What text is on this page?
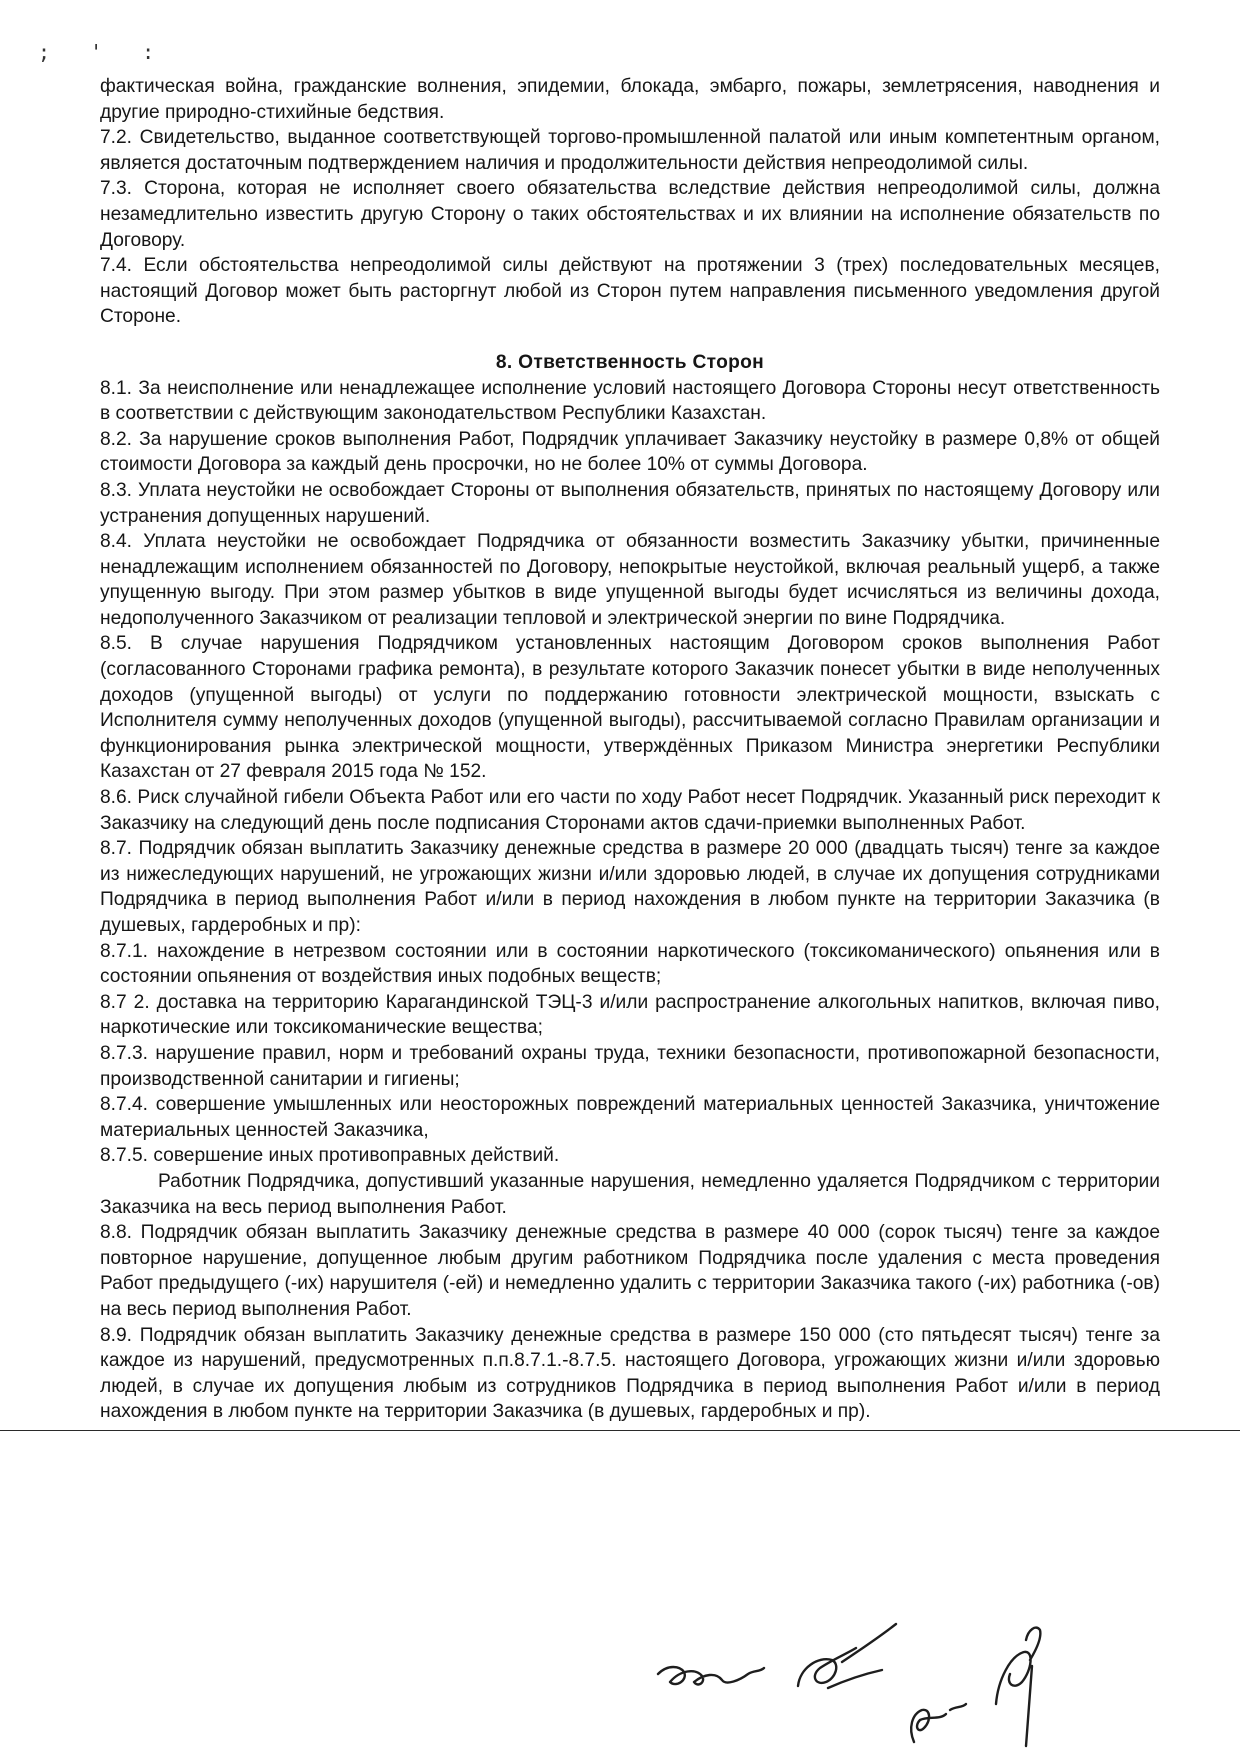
; ' :

фактическая война, гражданские волнения, эпидемии, блокада, эмбарго, пожары, землетрясения, наводнения и другие природно-стихийные бедствия.

7.2. Свидетельство, выданное соответствующей торгово-промышленной палатой или иным компетентным органом, является достаточным подтверждением наличия и продолжительности действия непреодолимой силы.

7.3. Сторона, которая не исполняет своего обязательства вследствие действия непреодолимой силы, должна незамедлительно известить другую Сторону о таких обстоятельствах и их влиянии на исполнение обязательств по Договору.

7.4. Если обстоятельства непреодолимой силы действуют на протяжении 3 (трех) последовательных месяцев, настоящий Договор может быть расторгнут любой из Сторон путем направления письменного уведомления другой Стороне.

8. Ответственность Сторон

8.1. За неисполнение или ненадлежащее исполнение условий настоящего Договора Стороны несут ответственность в соответствии с действующим законодательством Республики Казахстан.

8.2. За нарушение сроков выполнения Работ, Подрядчик уплачивает Заказчику неустойку в размере 0,8% от общей стоимости Договора за каждый день просрочки, но не более 10% от суммы Договора.

8.3. Уплата неустойки не освобождает Стороны от выполнения обязательств, принятых по настоящему Договору или устранения допущенных нарушений.

8.4. Уплата неустойки не освобождает Подрядчика от обязанности возместить Заказчику убытки, причиненные ненадлежащим исполнением обязанностей по Договору, непокрытые неустойкой, включая реальный ущерб, а также упущенную выгоду. При этом размер убытков в виде упущенной выгоды будет исчисляться из величины дохода, недополученного Заказчиком от реализации тепловой и электрической энергии по вине Подрядчика.

8.5. В случае нарушения Подрядчиком установленных настоящим Договором сроков выполнения Работ (согласованного Сторонами графика ремонта), в результате которого Заказчик понесет убытки в виде неполученных доходов (упущенной выгоды) от услуги по поддержанию готовности электрической мощности, взыскать с Исполнителя сумму неполученных доходов (упущенной выгоды), рассчитываемой согласно Правилам организации и функционирования рынка электрической мощности, утверждённых Приказом Министра энергетики Республики Казахстан от 27 февраля 2015 года № 152.

8.6. Риск случайной гибели Объекта Работ или его части по ходу Работ несет Подрядчик. Указанный риск переходит к Заказчику на следующий день после подписания Сторонами актов сдачи-приемки выполненных Работ.

8.7. Подрядчик обязан выплатить Заказчику денежные средства в размере 20 000 (двадцать тысяч) тенге за каждое из нижеследующих нарушений, не угрожающих жизни и/или здоровью людей, в случае их допущения сотрудниками Подрядчика в период выполнения Работ и/или в период нахождения в любом пункте на территории Заказчика (в душевых, гардеробных и пр):

8.7.1. нахождение в нетрезвом состоянии или в состоянии наркотического (токсикоманического) опьянения или в состоянии опьянения от воздействия иных подобных веществ;

8.7 2. доставка на территорию Карагандинской ТЭЦ-3 и/или распространение алкогольных напитков, включая пиво, наркотические или токсикоманические вещества;

8.7.3. нарушение правил, норм и требований охраны труда, техники безопасности, противопожарной безопасности, производственной санитарии и гигиены;

8.7.4. совершение умышленных или неосторожных повреждений материальных ценностей Заказчика, уничтожение материальных ценностей Заказчика,

8.7.5. совершение иных противоправных действий.

Работник Подрядчика, допустивший указанные нарушения, немедленно удаляется Подрядчиком с территории Заказчика на весь период выполнения Работ.

8.8. Подрядчик обязан выплатить Заказчику денежные средства в размере 40 000 (сорок тысяч) тенге за каждое повторное нарушение, допущенное любым другим работником Подрядчика после удаления с места проведения Работ предыдущего (-их) нарушителя (-ей) и немедленно удалить с территории Заказчика такого (-их) работника (-ов) на весь период выполнения Работ.

8.9. Подрядчик обязан выплатить Заказчику денежные средства в размере 150 000 (сто пятьдесят тысяч) тенге за каждое из нарушений, предусмотренных п.п.8.7.1.-8.7.5. настоящего Договора, угрожающих жизни и/или здоровью людей, в случае их допущения любым из сотрудников Подрядчика в период выполнения Работ и/или в период нахождения в любом пункте на территории Заказчика (в душевых, гардеробных и пр).
